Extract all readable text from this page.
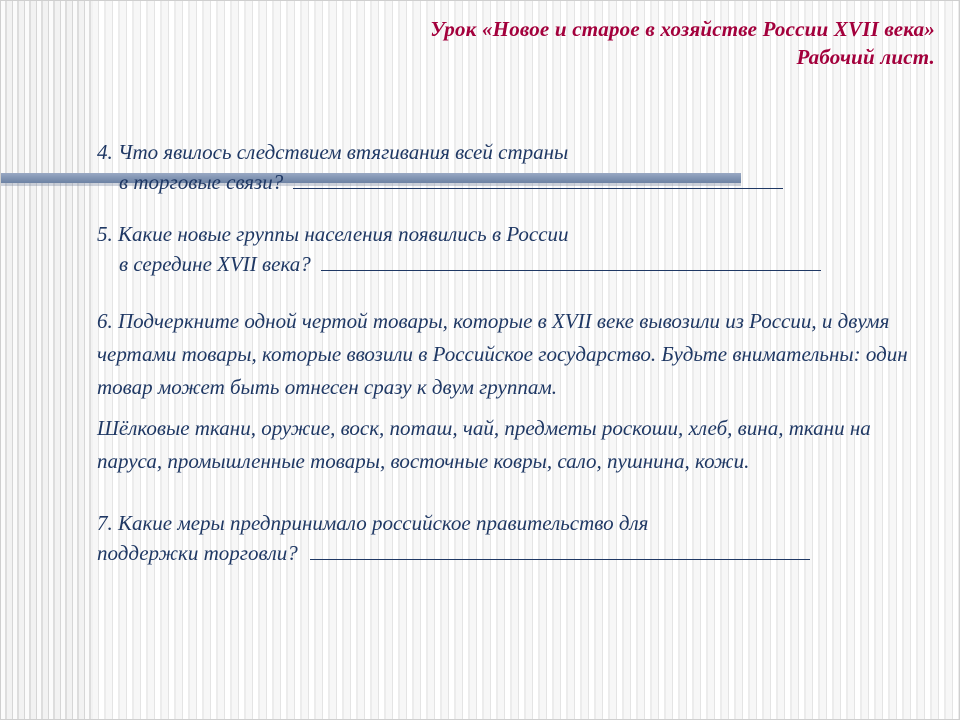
Урок «Новое и старое в хозяйстве России XVII века»
Рабочий лист.
4. Что явилось следствием втягивания всей страны
в торговые связи?
5. Какие новые группы населения появились в России
в середине XVII века?

6. Подчеркните одной чертой товары, которые в XVII веке вывозили из России, и двумя чертами товары, которые ввозили в Российское государство. Будьте внимательны: один товар может быть отнесен сразу к двум группам.

Шёлковые ткани, оружие, воск, поташ, чай, предметы роскоши, хлеб, вина, ткани на паруса, промышленные товары, восточные ковры, сало, пушнина, кожи.

7. Какие меры предпринимало российское правительство для
поддержки торговли?
